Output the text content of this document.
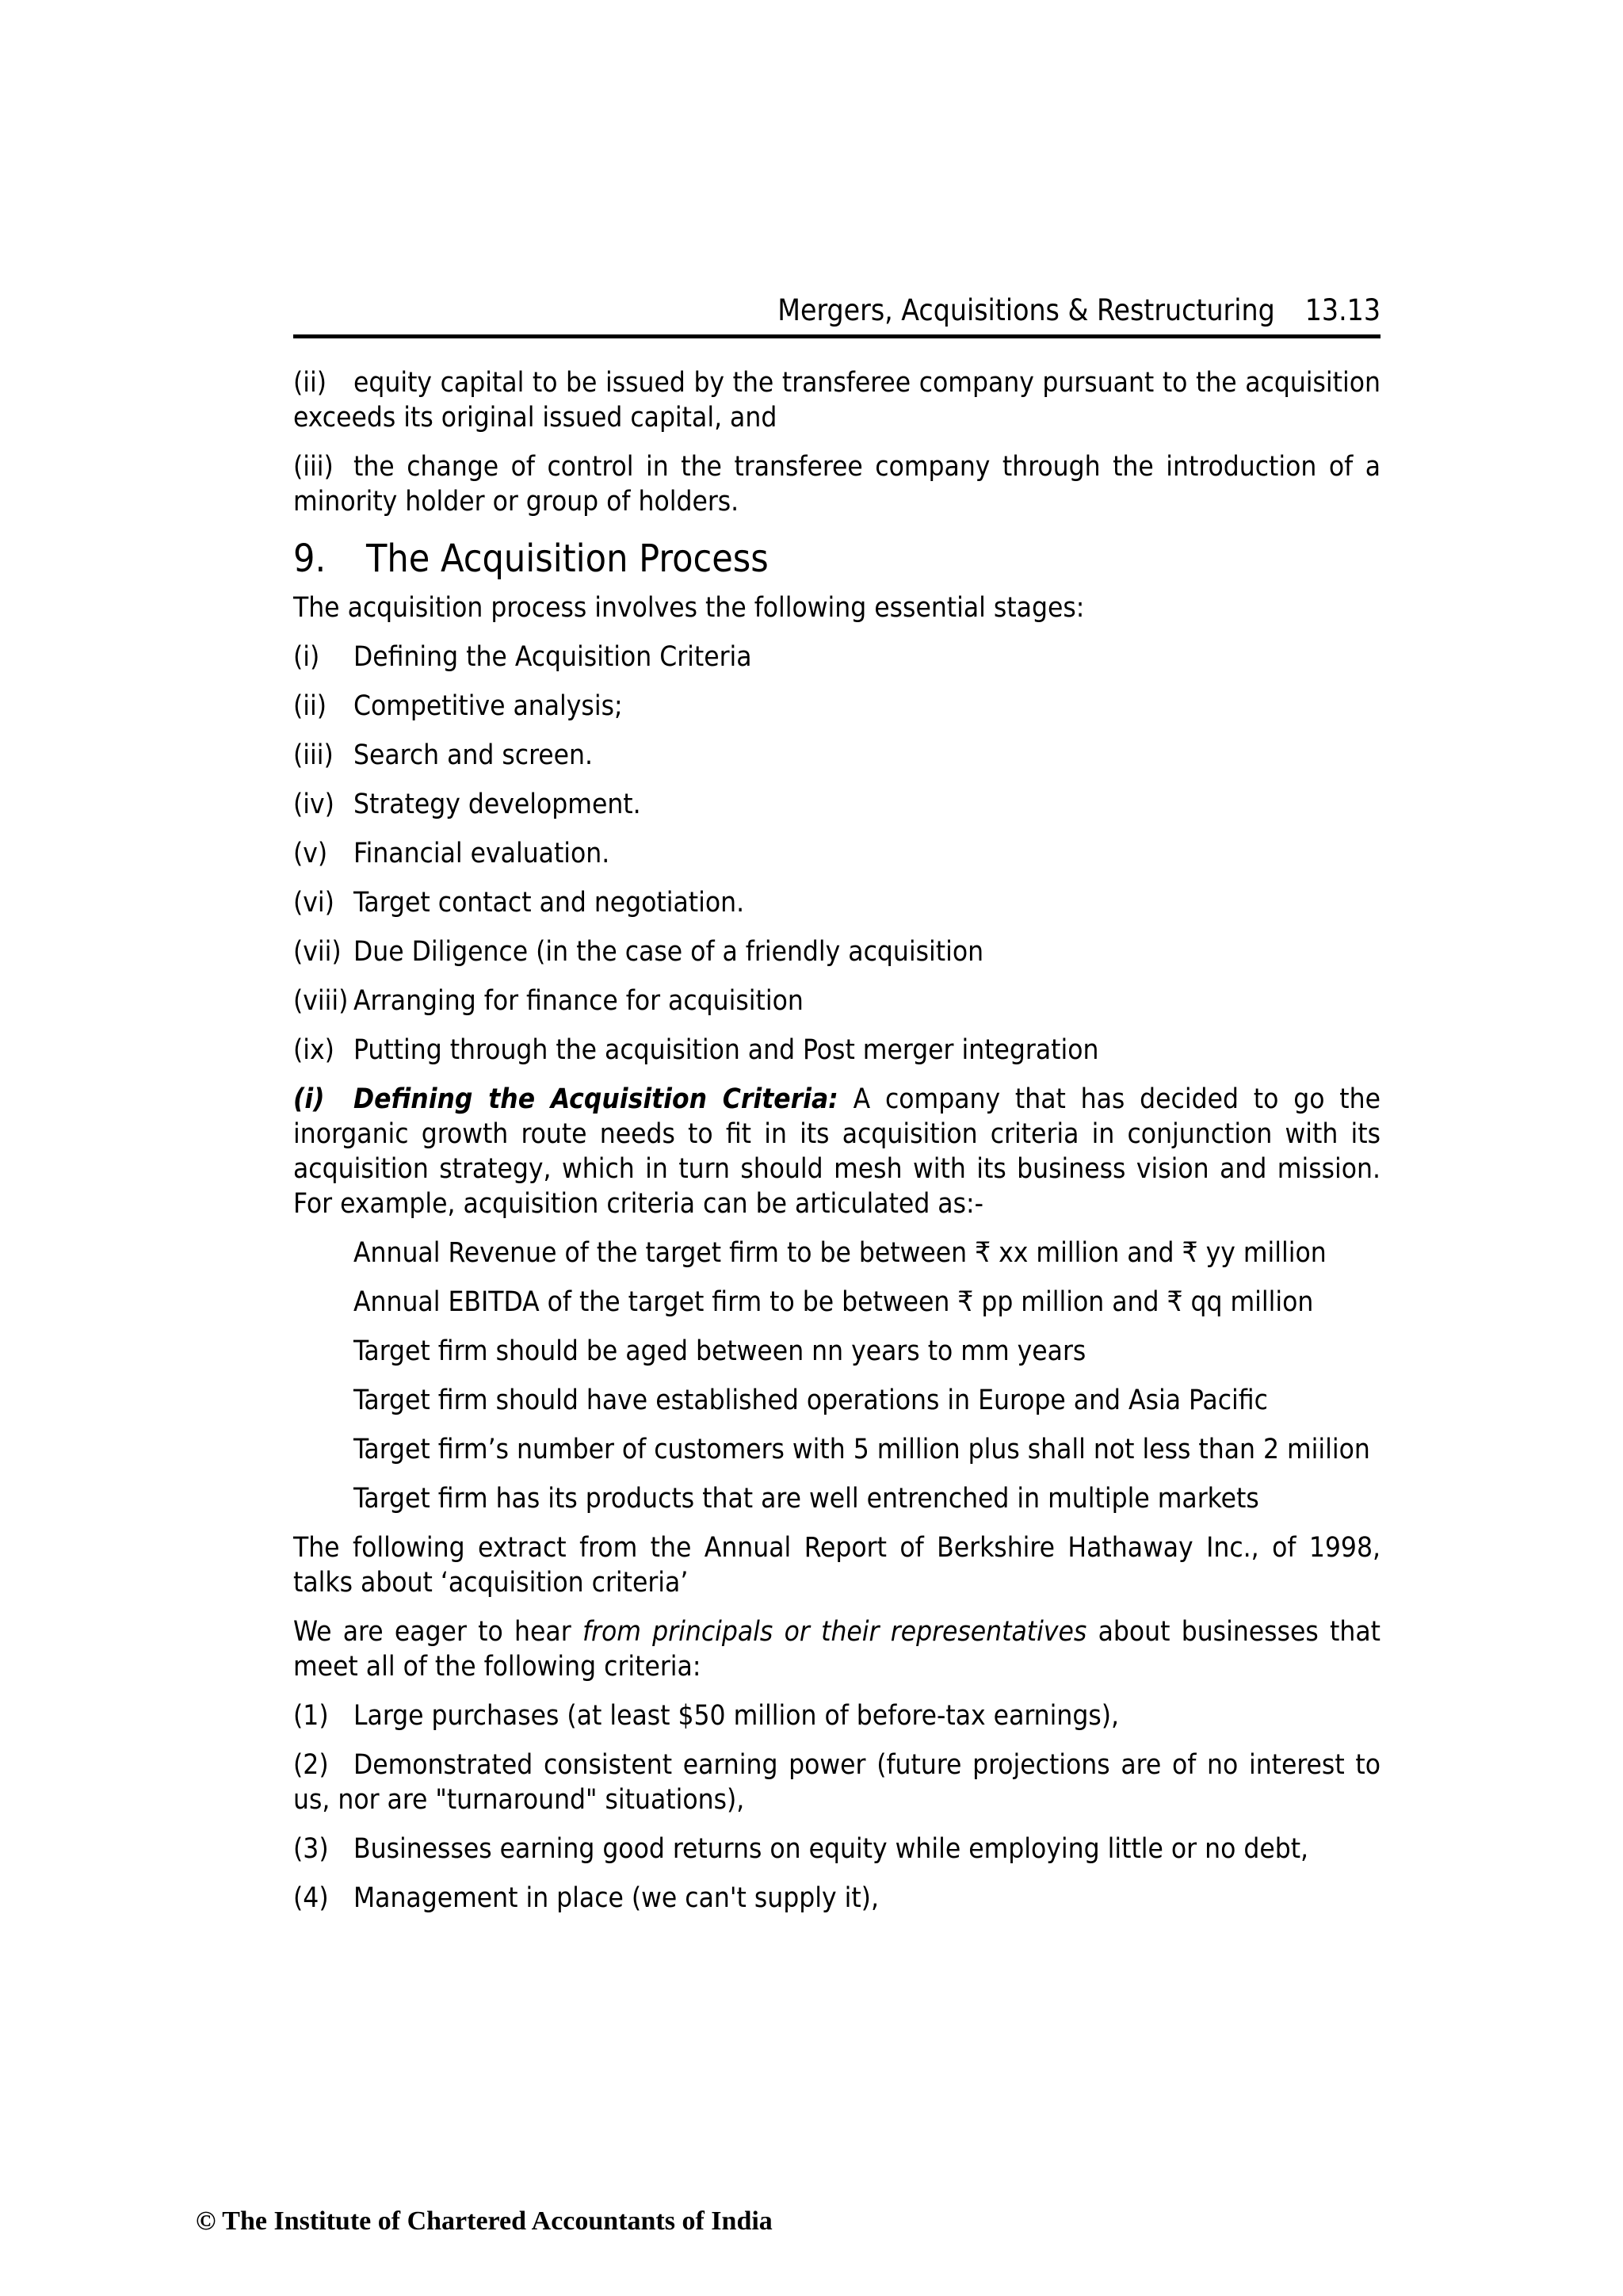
Mergers, Acquisitions & Restructuring 13.13

(ii) equity capital to be issued by the transferee company pursuant to the acquisition exceeds its original issued capital, and

(iii) the change of control in the transferee company through the introduction of a minority holder or group of holders.

9.	The Acquisition Process

The acquisition process involves the following essential stages:

(i)	Defining the Acquisition Criteria
(ii) Competitive analysis;
(iii) Search and screen.
(iv) Strategy development.
(v) Financial evaluation.
(vi) Target contact and negotiation.
(vii) Due Diligence (in the case of a friendly acquisition
(viii) Arranging for finance for acquisition
(ix) Putting through the acquisition and Post merger integration

(i) Defining the Acquisition Criteria: A company that has decided to go the inorganic growth route needs to fit in its acquisition criteria in conjunction with its acquisition strategy, which in turn should mesh with its business vision and mission. For example, acquisition criteria can be articulated as:-

Annual Revenue of the target firm to be between ₹ xx million and ₹ yy million
Annual EBITDA of the target firm to be between ₹ pp million and ₹ qq million
Target firm should be aged between nn years to mm years
Target firm should have established operations in Europe and Asia Pacific
Target firm’s number of customers with 5 million plus shall not less than 2 miilion
Target firm has its products that are well entrenched in multiple markets

The following extract from the Annual Report of Berkshire Hathaway Inc., of 1998, talks about ‘acquisition criteria’

We are eager to hear from principals or their representatives about businesses that meet all of the following criteria:

(1) Large purchases (at least $50 million of before-tax earnings),

(2) Demonstrated consistent earning power (future projections are of no interest to us, nor are "turnaround" situations),

(3) Businesses earning good returns on equity while employing little or no debt,

(4) Management in place (we can't supply it),

© The Institute of Chartered Accountants of India
